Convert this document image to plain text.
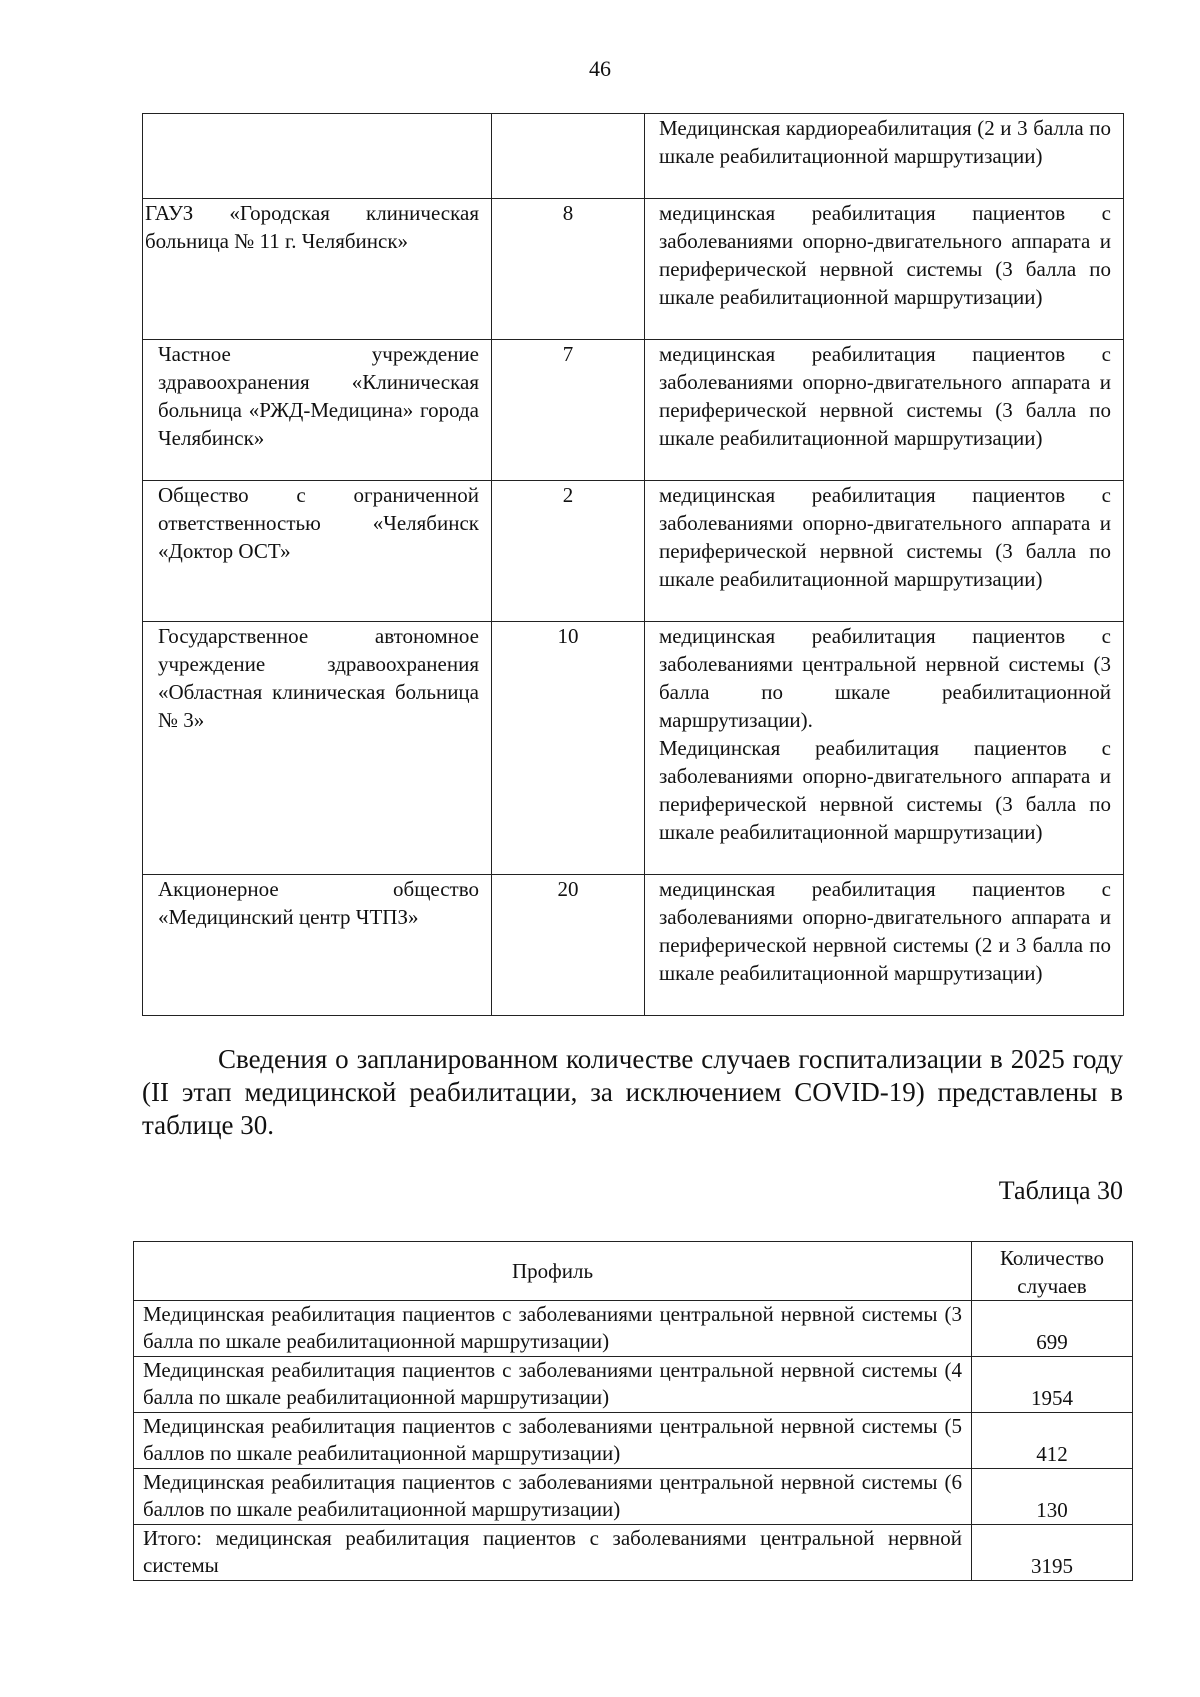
46

		Медицинская кардиореабилитация (2 и 3 балла по шкале реабилитационной маршрутизации)

ГАУЗ «Городская клиническая больница № 11 г. Челябинск»	8	медицинская реабилитация пациентов с заболеваниями опорно-двигательного аппарата и периферической нервной системы (3 балла по шкале реабилитационной маршрутизации)

Частное учреждение здравоохранения «Клиническая больница «РЖД-Медицина» города Челябинск»	7	медицинская реабилитация пациентов с заболеваниями опорно-двигательного аппарата и периферической нервной системы (3 балла по шкале реабилитационной маршрутизации)

Общество с ограниченной ответственностью «Челябинск «Доктор ОСТ»	2	медицинская реабилитация пациентов с заболеваниями опорно-двигательного аппарата и периферической нервной системы (3 балла по шкале реабилитационной маршрутизации)

Государственное автономное учреждение здравоохранения «Областная клиническая больница № 3»	10	медицинская реабилитация пациентов с заболеваниями центральной нервной системы (3 балла по шкале реабилитационной маршрутизации).
Медицинская реабилитация пациентов с заболеваниями опорно-двигательного аппарата и периферической нервной системы (3 балла по шкале реабилитационной маршрутизации)

Акционерное общество «Медицинский центр ЧТПЗ»	20	медицинская реабилитация пациентов с заболеваниями опорно-двигательного аппарата и периферической нервной системы (2 и 3 балла по шкале реабилитационной маршрутизации)

Сведения о запланированном количестве случаев госпитализации в 2025 году (II этап медицинской реабилитации, за исключением COVID-19) представлены в таблице 30.

Таблица 30
Профиль	Количество случаев
Медицинская реабилитация пациентов с заболеваниями центральной нервной системы (3 балла по шкале реабилитационной маршрутизации)	699
Медицинская реабилитация пациентов с заболеваниями центральной нервной системы (4 балла по шкале реабилитационной маршрутизации)	1954
Медицинская реабилитация пациентов с заболеваниями центральной нервной системы (5 баллов по шкале реабилитационной маршрутизации)	412
Медицинская реабилитация пациентов с заболеваниями центральной нервной системы (6 баллов по шкале реабилитационной маршрутизации)	130
Итого: медицинская реабилитация пациентов с заболеваниями центральной нервной системы	3195
